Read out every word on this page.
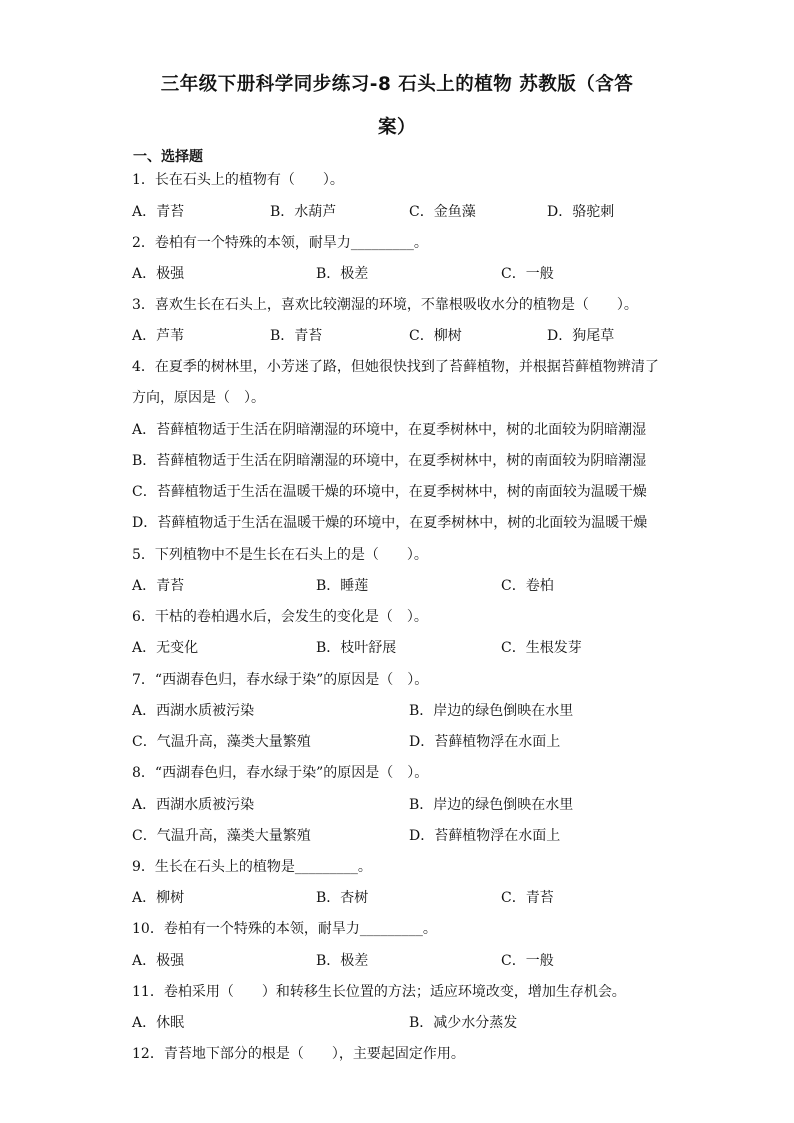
三年级下册科学同步练习-8 石头上的植物 苏教版（含答
案）
一、选择题
1．长在石头上的植物有（　　）。
A．青苔	B．水葫芦	C．金鱼藻	D．骆驼刺
2．卷柏有一个特殊的本领，耐旱力_________。
A．极强	B．极差	C．一般
3．喜欢生长在石头上，喜欢比较潮湿的环境，不靠根吸收水分的植物是（　　）。
A．芦苇	B．青苔	C．柳树	D．狗尾草
4．在夏季的树林里，小芳迷了路，但她很快找到了苔藓植物，并根据苔藓植物辨清了
方向，原因是（　）。
A．苔藓植物适于生活在阴暗潮湿的环境中，在夏季树林中，树的北面较为阴暗潮湿
B．苔藓植物适于生活在阴暗潮湿的环境中，在夏季树林中，树的南面较为阴暗潮湿
C．苔藓植物适于生活在温暖干燥的环境中，在夏季树林中，树的南面较为温暖干燥
D．苔藓植物适于生活在温暖干燥的环境中，在夏季树林中，树的北面较为温暖干燥
5．下列植物中不是生长在石头上的是（　　）。
A．青苔	B．睡莲	C．卷柏
6．干枯的卷柏遇水后，会发生的变化是（　）。
A．无变化	B．枝叶舒展	C．生根发芽
7．“西湖春色归，春水绿于染”的原因是（　）。
A．西湖水质被污染	B．岸边的绿色倒映在水里
C．气温升高，藻类大量繁殖	D．苔藓植物浮在水面上
8．“西湖春色归，春水绿于染”的原因是（　）。
A．西湖水质被污染	B．岸边的绿色倒映在水里
C．气温升高，藻类大量繁殖	D．苔藓植物浮在水面上
9．生长在石头上的植物是_________。
A．柳树	B．杏树	C．青苔
10．卷柏有一个特殊的本领，耐旱力_________。
A．极强	B．极差	C．一般
11．卷柏采用（　　）和转移生长位置的方法；适应环境改变，增加生存机会。
A．休眠	B．减少水分蒸发
12．青苔地下部分的根是（　　），主要起固定作用。
